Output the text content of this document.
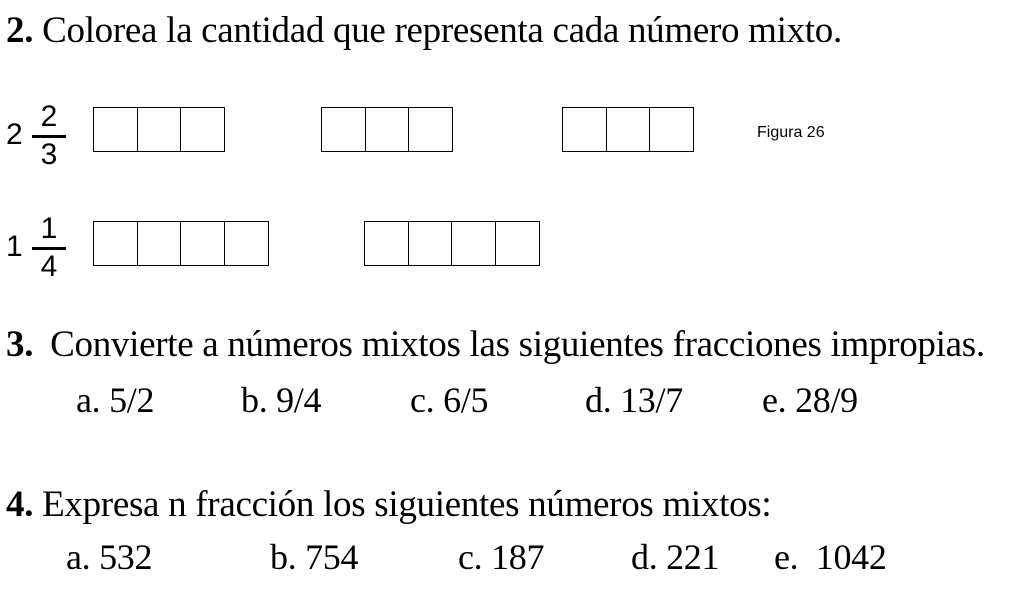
2. Colorea la cantidad que representa cada número mixto.
2
2
3
Figura 26
1
1
4
3. Convierte a números mixtos las siguientes fracciones impropias.
a. 5/2 b. 9/4 c. 6/5	d. 13/7 e. 28/9
4. Expresa n fracción los siguientes números mixtos:
a. 532	b. 754	c. 187 d. 221 e.  1042
